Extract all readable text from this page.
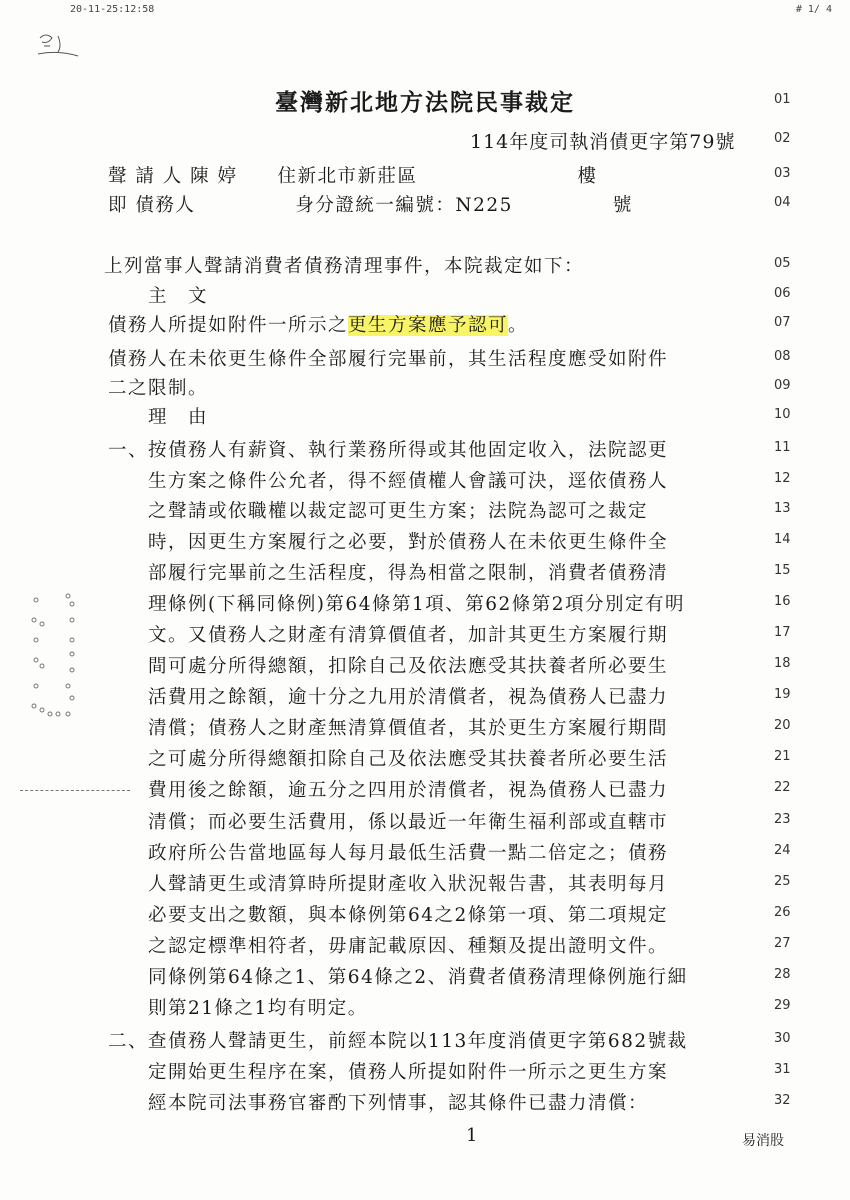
20-11-25:12:58	# 1/ 4
臺灣新北地方法院民事裁定
114年度司執消債更字第79號
01
02
03
聲 請 人 陳 婷　　住新北市新莊區　　　　　　　　樓
04
即 債務人　　　　　身分證統一編號：N225　　　　　號
05
上列當事人聲請消費者債務清理事件，本院裁定如下：
06
　　主　文
07
債務人所提如附件一所示之更生方案應予認可。
08
債務人在未依更生條件全部履行完畢前，其生活程度應受如附件
09
二之限制。
10
　　理　由
11
一、按債務人有薪資、執行業務所得或其他固定收入，法院認更
12
　　生方案之條件公允者，得不經債權人會議可決，逕依債務人
13
　　之聲請或依職權以裁定認可更生方案；法院為認可之裁定
14
　　時，因更生方案履行之必要，對於債務人在未依更生條件全
15
　　部履行完畢前之生活程度，得為相當之限制，消費者債務清
16
　　理條例(下稱同條例)第64條第1項、第62條第2項分別定有明
17
　　文。又債務人之財產有清算價值者，加計其更生方案履行期
18
　　間可處分所得總額，扣除自己及依法應受其扶養者所必要生
19
　　活費用之餘額，逾十分之九用於清償者，視為債務人已盡力
20
　　清償；債務人之財產無清算價值者，其於更生方案履行期間
21
　　之可處分所得總額扣除自己及依法應受其扶養者所必要生活
22
　　費用後之餘額，逾五分之四用於清償者，視為債務人已盡力
23
　　清償；而必要生活費用，係以最近一年衛生福利部或直轄市
24
　　政府所公告當地區每人每月最低生活費一點二倍定之；債務
25
　　人聲請更生或清算時所提財產收入狀況報告書，其表明每月
26
　　必要支出之數額，與本條例第64之2條第一項、第二項規定
27
　　之認定標準相符者，毋庸記載原因、種類及提出證明文件。
28
　　同條例第64條之1、第64條之2、消費者債務清理條例施行細
29
　　則第21條之1均有明定。
30
二、查債務人聲請更生，前經本院以113年度消債更字第682號裁
31
　　定開始更生程序在案，債務人所提如附件一所示之更生方案
32
　　經本院司法事務官審酌下列情事，認其條件已盡力清償：
1	易消股
